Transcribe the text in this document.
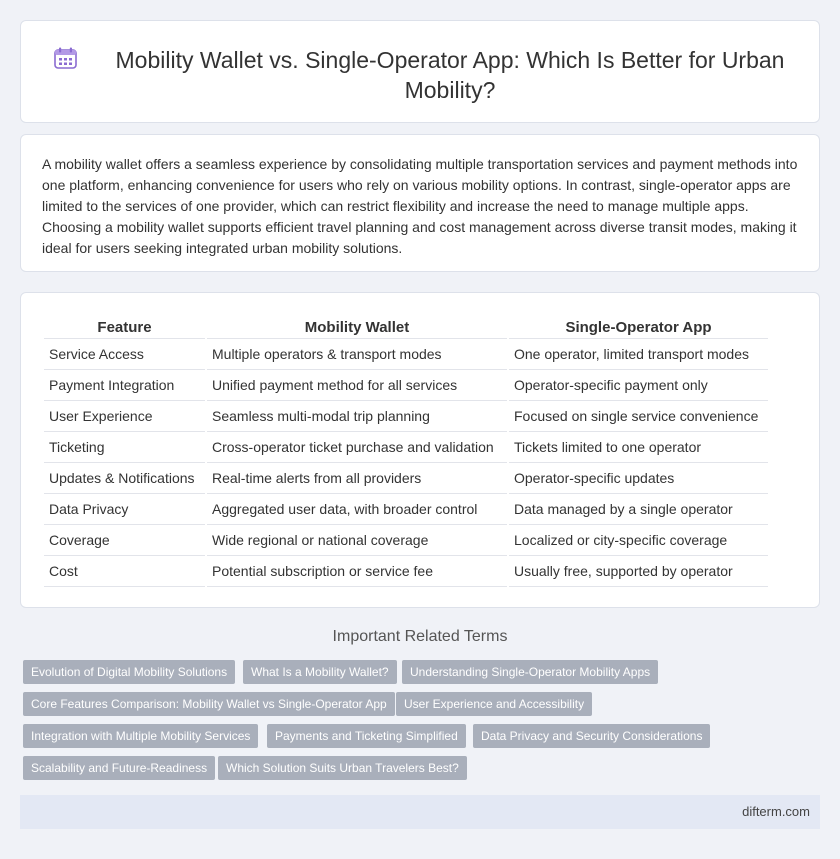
Mobility Wallet vs. Single-Operator App: Which Is Better for Urban Mobility?

A mobility wallet offers a seamless experience by consolidating multiple transportation services and payment methods into one platform, enhancing convenience for users who rely on various mobility options. In contrast, single-operator apps are limited to the services of one provider, which can restrict flexibility and increase the need to manage multiple apps. Choosing a mobility wallet supports efficient travel planning and cost management across diverse transit modes, making it ideal for users seeking integrated urban mobility solutions.

Feature	Mobility Wallet	Single-Operator App
Service Access	Multiple operators & transport modes	One operator, limited transport modes
Payment Integration	Unified payment method for all services	Operator-specific payment only
User Experience	Seamless multi-modal trip planning	Focused on single service convenience
Ticketing	Cross-operator ticket purchase and validation	Tickets limited to one operator
Updates & Notifications	Real-time alerts from all providers	Operator-specific updates
Data Privacy	Aggregated user data, with broader control	Data managed by a single operator
Coverage	Wide regional or national coverage	Localized or city-specific coverage
Cost	Potential subscription or service fee	Usually free, supported by operator
Important Related Terms
Evolution of Digital Mobility Solutions	What Is a Mobility Wallet?	Understanding Single-Operator Mobility Apps
Core Features Comparison: Mobility Wallet vs Single-Operator App	User Experience and Accessibility
Integration with Multiple Mobility Services	Payments and Ticketing Simplified	Data Privacy and Security Considerations
Scalability and Future-Readiness	Which Solution Suits Urban Travelers Best?
difterm.com
